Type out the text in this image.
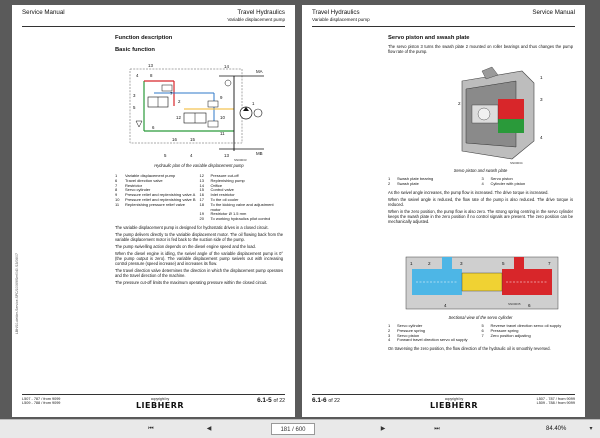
Service Manual	Travel Hydraulics
Variable displacement pump
LBH/10-de/der-Service-SPC/10069/Ser/040 /13/06/07
Function description
Basic function
13	14
MA
4	8
3	7
5
2
9
1
10
12
11
6
16	15
MB
13
4
5
SN00033
Hydraulic plan of the variable displacement pump
1	Variable displacement pump	12	Pressure cut-off
6	Travel direction valve	13	Replenishing pump
7	Restrictor	14	Orifice
8	Servo cylinder	15	Control valve
9	Pressure relief and replenishing valve A	16	Inlet restrictor
10	Pressure relief and replenishing valve B	17	To the oil cooler
11	Replenishing pressure relief valve	18	To the kicking valve and adjustment motor
19	Restrictor Ø 1.5 mm
20	To working hydraulics pilot control

The variable displacement pump is designed for hydrostatic drives in a closed circuit.

The pump delivers directly to the variable displacement motor. The oil flowing back from the variable displacement motor is fed back to the suction side of the pump.

The pump swivelling action depends on the diesel engine speed and the load.

When the diesel engine is idling, the swivel angle of the variable displacement pump is 0° (the pump output is zero). The variable displacement pump swivels out with increasing control pressure (speed increase) and increases its flow.

The travel direction valve determines the direction in which the displacement pump operates and the travel direction of the machine.

The pressure cut-off limits the maximum operating pressure within the closed circuit.

L507 - 787 / from 9099
L509 - 788 / from 9099
copyright by
LIEBHERR
6.1-5 of 22
Travel Hydraulics
Variable displacement pump
Service Manual
Servo piston and swash plate

The servo piston 3 turns the swash plate 2 mounted on roller bearings and thus changes the pump flow rate of the pump.

1
2
3
4
SN00034
Servo piston and swash plate
1	Swash plate bearing	3	Servo piston
2	Swash plate	4	Cylinder with piston

As the swivel angle increases, the pump flow is increased. The drive torque is increased.

When the swivel angle is reduced, the flow rate of the pump is also reduced. The drive torque is reduced.

When in the zero position, the pump flow is also zero. The strong spring centring in the servo cylinder keeps the swash plate in the zero position if no control signals are present. The zero position can be mechanically adjusted.

1	2	3
4
5
6
7
SN00035
Sectional view of the servo cylinder
1	Servo cylinder	5	Reverse travel direction servo oil supply
2	Pressure spring	6	Pressure spring
3	Servo piston	7	Zero position adjusting
4	Forward travel direction servo oil supply

On traversing the zero position, the flow direction of the hydraulic oil is smoothly reversed.

6.1-6 of 22	copyright by
LIEBHERR
L507 - 787 / from 9099
L509 - 788 / from 9099
⏮	◀	181 / 600	▶	⏭	84.40%	▾
